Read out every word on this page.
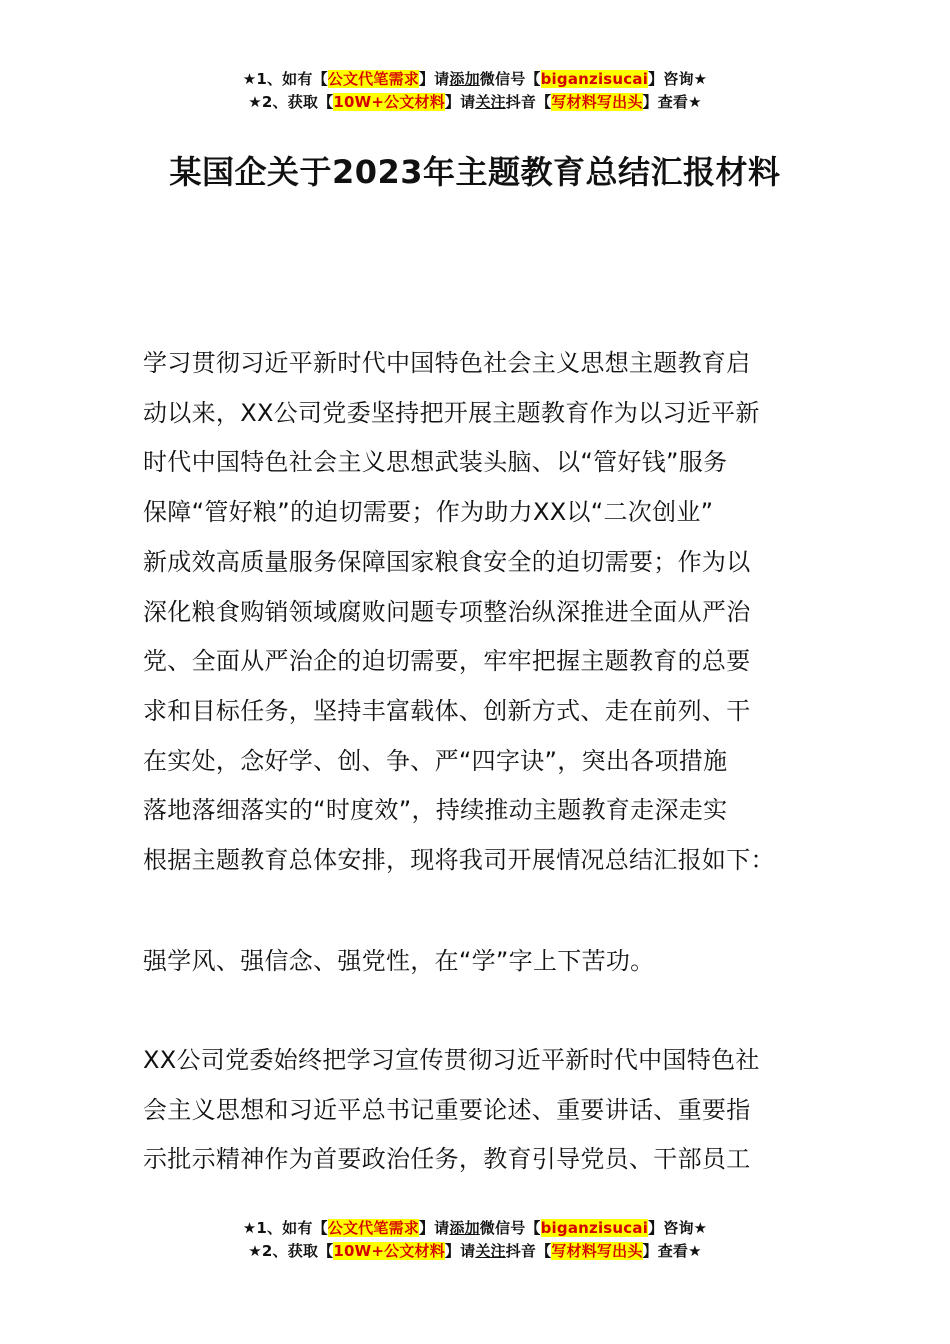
★1、如有【公文代笔需求】请添加微信号【biganzisucai】咨询★
★2、获取【10W+公文材料】请关注抖音【写材料写出头】查看★
某国企关于2023年主题教育总结汇报材料
学习贯彻习近平新时代中国特色社会主义思想主题教育启
动以来，XX公司党委坚持把开展主题教育作为以习近平新
时代中国特色社会主义思想武装头脑、以“管好钱”服务
保障“管好粮”的迫切需要；作为助力XX以“二次创业”
新成效高质量服务保障国家粮食安全的迫切需要；作为以
深化粮食购销领域腐败问题专项整治纵深推进全面从严治
党、全面从严治企的迫切需要，牢牢把握主题教育的总要
求和目标任务，坚持丰富载体、创新方式、走在前列、干
在实处，念好学、创、争、严“四字诀”，突出各项措施
落地落细落实的“时度效”，持续推动主题教育走深走实
根据主题教育总体安排，现将我司开展情况总结汇报如下：
强学风、强信念、强党性，在“学”字上下苦功。
XX公司党委始终把学习宣传贯彻习近平新时代中国特色社
会主义思想和习近平总书记重要论述、重要讲话、重要指
示批示精神作为首要政治任务，教育引导党员、干部员工
★1、如有【公文代笔需求】请添加微信号【biganzisucai】咨询★
★2、获取【10W+公文材料】请关注抖音【写材料写出头】查看★
